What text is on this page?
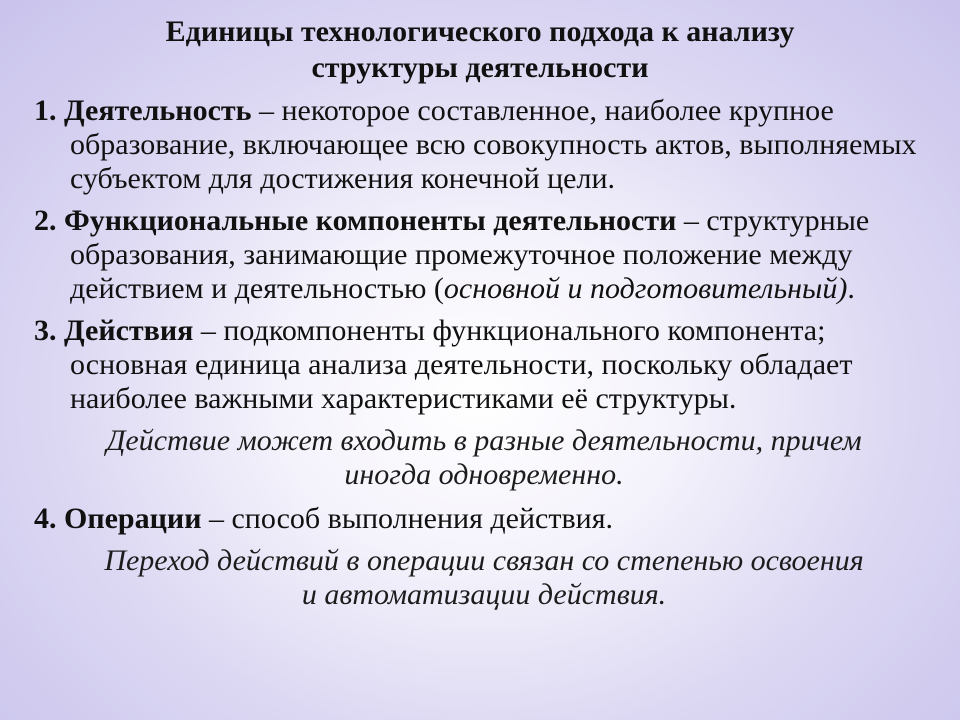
Единицы технологического подхода к анализу
структуры деятельности
1. Деятельность – некоторое составленное, наиболее крупное образование, включающее всю совокупность актов, выполняемых субъектом для достижения конечной цели.
2. Функциональные компоненты деятельности – структурные образования, занимающие промежуточное положение между действием и деятельностью (основной и подготовительный).
3. Действия – подкомпоненты функционального компонента; основная единица анализа деятельности, поскольку обладает наиболее важными характеристиками её структуры.
Действие может входить в разные деятельности, причем
иногда одновременно.
4. Операции – способ выполнения действия.
Переход действий в операции связан со степенью освоения
и автоматизации действия.
